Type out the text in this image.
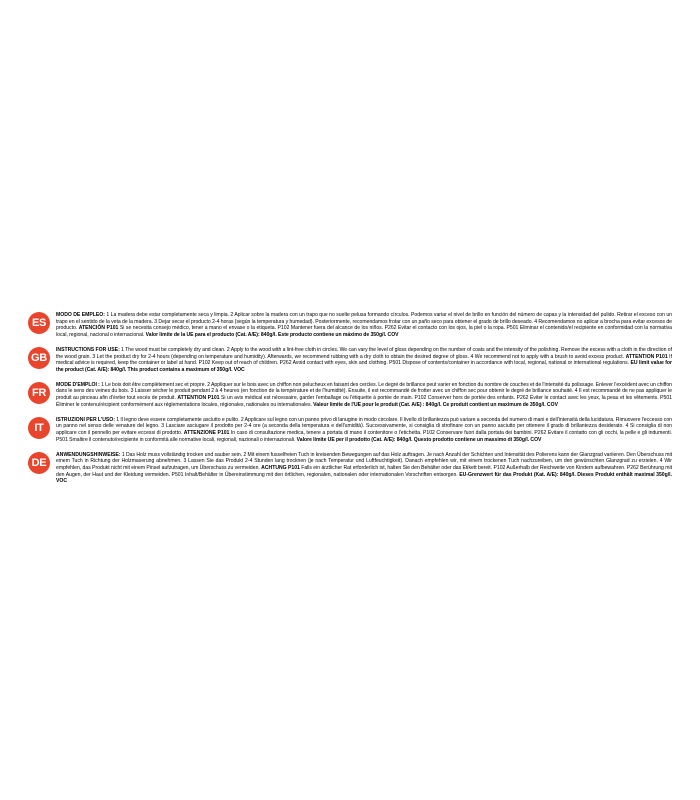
ES
MODO DE EMPLEO: 1 La madera debe estar completamente seca y limpia. 2 Aplicar sobre la madera con un trapo que no suelte pelusa formando círculos. Podemos variar el nivel de brillo en función del número de capas y la intensidad del pulido. Retirar el exceso con un trapo en el sentido de la veta de la madera. 3 Dejar secar el producto 2-4 horas (según la temperatura y humedad). Posteriormente, recomendamos frotar con un paño seco para obtener el grado de brillo deseado. 4 Recomendamos no aplicar a brocha para evitar excesos de producto. ATENCIÓN P101 Si se necesita consejo médico, tener a mano el envase o la etiqueta. P102 Mantener fuera del alcance de los niños. P262 Evitar el contacto con los ojos, la piel o la ropa. P501 Eliminar el contenido/el recipiente en conformidad con la normativa local, regional, nacional o internacional. Valor límite de la UE para el producto (Cat. A/E): 840g/l. Este producto contiene un máximo de 350g/l. COV
GB
INSTRUCTIONS FOR USE: 1 The wood must be completely dry and clean. 2 Apply to the wood with a lint-free cloth in circles. We can vary the level of gloss depending on the number of coats and the intensity of the polishing. Remove the excess with a cloth in the direction of the wood grain. 3 Let the product dry for 2-4 hours (depending on temperature and humidity). Afterwards, we recommend rubbing with a dry cloth to obtain the desired degree of gloss. 4 We recommend not to apply with a brush to avoid excess product. ATTENTION P101 If medical advice is required, keep the container or label at hand. P102 Keep out of reach of children. P262 Avoid contact with eyes, skin and clothing. P501 Dispose of contents/container in accordance with local, regional, national or international regulations. EU limit value for the product (Cat. A/E): 840g/l. This product contains a maximum of 350g/l. VOC
FR
MODE D'EMPLOI : 1 Le bois doit être complètement sec et propre. 2 Appliquer sur le bois avec un chiffon non pelucheux en faisant des cercles. Le degré de brillance peut varier en fonction du nombre de couches et de l'intensité du polissage. Enlever l'excédent avec un chiffon dans le sens des veines du bois. 3 Laisser sécher le produit pendant 2 à 4 heures (en fonction de la température et de l'humidité). Ensuite, il est recommandé de frotter avec un chiffon sec pour obtenir le degré de brillance souhaité. 4 Il est recommandé de ne pas appliquer le produit au pinceau afin d'éviter tout excès de produit. ATTENTION P101 Si un avis médical est nécessaire, garder l'emballage ou l'étiquette à portée de main. P102 Conserver hors de portée des enfants. P262 Éviter le contact avec les yeux, la peau et les vêtements. P501 Éliminer le contenu/récipient conformément aux réglementations locales, régionales, nationales ou internationales. Valeur limite de l'UE pour le produit (Cat. A/E) : 840g/l. Ce produit contient un maximum de 350g/l. COV
IT
ISTRUZIONI PER L'USO: 1 Il legno deve essere completamente asciutto e pulito. 2 Applicare sul legno con un panno privo di lanugine in modo circolare. Il livello di brillantezza può variare a seconda del numero di mani e dell'intensità della lucidatura. Rimuovere l'eccesso con un panno nel senso delle venature del legno. 3 Lasciare asciugare il prodotto per 2-4 ore (a seconda della temperatura e dell'umidità). Successivamente, si consiglia di strofinare con un panno asciutto per ottenere il grado di brillantezza desiderato. 4 Si consiglia di non applicare con il pennello per evitare eccessi di prodotto. ATTENZIONE P101 In caso di consultazione medica, tenere a portata di mano il contenitore o l'etichetta. P102 Conservare fuori dalla portata dei bambini. P262 Evitare il contatto con gli occhi, la pelle e gli indumenti. P501 Smaltire il contenuto/recipiente in conformità alle normative locali, regionali, nazionali o internazionali. Valore limite UE per il prodotto (Cat. A/E): 840g/l. Questo prodotto contiene un massimo di 350g/l. COV
DE
ANWENDUNGSHINWEISE: 1 Das Holz muss vollständig trocken und sauber sein. 2 Mit einem fusselfreien Tuch in kreisenden Bewegungen auf das Holz auftragen. Je nach Anzahl der Schichten und Intensität des Polierens kann der Glanzgrad variieren. Den Überschuss mit einem Tuch in Richtung der Holzmaserung abnehmen. 3 Lassen Sie das Produkt 2-4 Stunden lang trocknen (je nach Temperatur und Luftfeuchtigkeit). Danach empfehlen wir, mit einem trockenen Tuch nachzureiben, um den gewünschten Glanzgrad zu erzielen. 4 Wir empfehlen, das Produkt nicht mit einem Pinsel aufzutragen, um Überschuss zu vermeiden. ACHTUNG P101 Falls ein ärztlicher Rat erforderlich ist, halten Sie den Behälter oder das Etikett bereit. P102 Außerhalb der Reichweite von Kindern aufbewahren. P262 Berührung mit den Augen, der Haut und der Kleidung vermeiden. P501 Inhalt/Behälter in Übereinstimmung mit den örtlichen, regionalen, nationalen oder internationalen Vorschriften entsorgen. EU-Grenzwert für das Produkt (Kat. A/E): 840g/l. Dieses Produkt enthält maximal 350g/l. VOC
